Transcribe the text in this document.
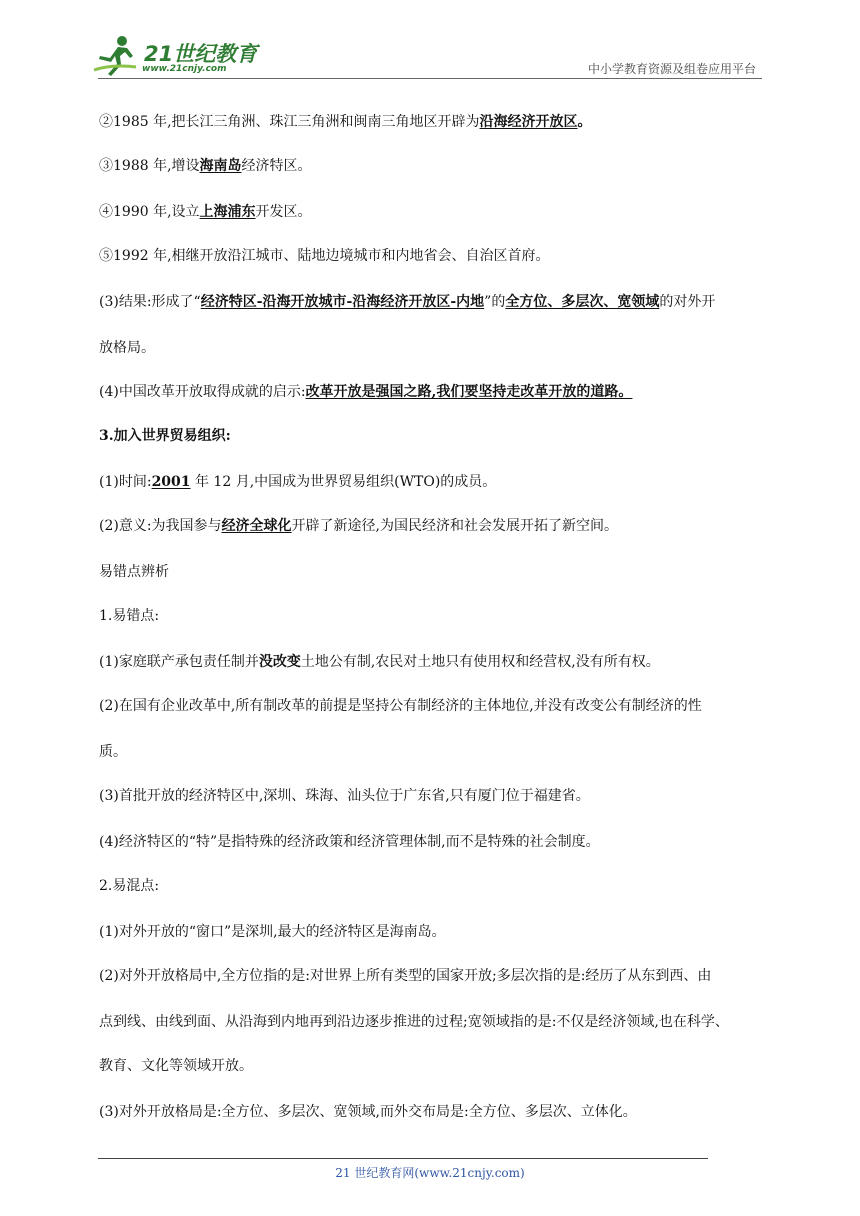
21世纪教育
www.21cnjy.com	中小学教育资源及组卷应用平台
②1985 年,把长江三角洲、珠江三角洲和闽南三角地区开辟为沿海经济开放区。
③1988 年,增设海南岛经济特区。
④1990 年,设立上海浦东开发区。
⑤1992 年,相继开放沿江城市、陆地边境城市和内地省会、自治区首府。
(3)结果:形成了“经济特区-沿海开放城市-沿海经济开放区-内地”的全方位、多层次、宽领域的对外开
放格局。
(4)中国改革开放取得成就的启示:改革开放是强国之路,我们要坚持走改革开放的道路。
3.加入世界贸易组织:
(1)时间:2001 年 12 月,中国成为世界贸易组织(WTO)的成员。
(2)意义:为我国参与经济全球化开辟了新途径,为国民经济和社会发展开拓了新空间。
易错点辨析
1.易错点:
(1)家庭联产承包责任制并没改变土地公有制,农民对土地只有使用权和经营权,没有所有权。
(2)在国有企业改革中,所有制改革的前提是坚持公有制经济的主体地位,并没有改变公有制经济的性
质。
(3)首批开放的经济特区中,深圳、珠海、汕头位于广东省,只有厦门位于福建省。
(4)经济特区的“特”是指特殊的经济政策和经济管理体制,而不是特殊的社会制度。
2.易混点:
(1)对外开放的“窗口”是深圳,最大的经济特区是海南岛。
(2)对外开放格局中,全方位指的是:对世界上所有类型的国家开放;多层次指的是:经历了从东到西、由
点到线、由线到面、从沿海到内地再到沿边逐步推进的过程;宽领域指的是:不仅是经济领域,也在科学、
教育、文化等领域开放。
(3)对外开放格局是:全方位、多层次、宽领域,而外交布局是:全方位、多层次、立体化。
21 世纪教育网(www.21cnjy.com)
